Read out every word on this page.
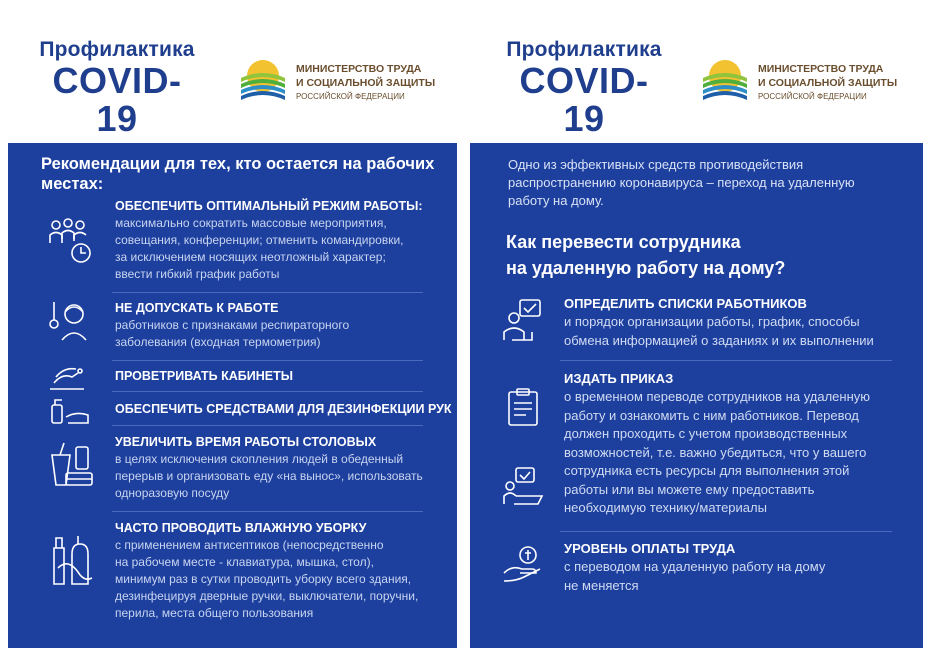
Профилактика
COVID-19
МИНИСТЕРСТВО ТРУДА
И СОЦИАЛЬНОЙ ЗАЩИТЫ
РОССИЙСКОЙ ФЕДЕРАЦИИ
Рекомендации для тех, кто остается на рабочих
местах:
ОБЕСПЕЧИТЬ ОПТИМАЛЬНЫЙ РЕЖИМ РАБОТЫ:
максимально сократить массовые мероприятия,
совещания, конференции; отменить командировки,
за исключением носящих неотложный характер;
ввести гибкий график работы
НЕ ДОПУСКАТЬ К РАБОТЕ
работников с признаками респираторного
заболевания (входная термометрия)
ПРОВЕТРИВАТЬ КАБИНЕТЫ
ОБЕСПЕЧИТЬ СРЕДСТВАМИ ДЛЯ ДЕЗИНФЕКЦИИ РУК
УВЕЛИЧИТЬ ВРЕМЯ РАБОТЫ СТОЛОВЫХ
в целях исключения скопления людей в обеденный
перерыв и организовать еду «на вынос», использовать
одноразовую посуду
ЧАСТО ПРОВОДИТЬ ВЛАЖНУЮ УБОРКУ
с применением антисептиков (непосредственно
на рабочем месте - клавиатура, мышка, стол),
минимум раз в сутки проводить уборку всего здания,
дезинфецируя дверные ручки, выключатели, поручни,
перила, места общего пользования
Профилактика
COVID-19
МИНИСТЕРСТВО ТРУДА
И СОЦИАЛЬНОЙ ЗАЩИТЫ
РОССИЙСКОЙ ФЕДЕРАЦИИ
Одно из эффективных средств противодействия
распространению коронавируса – переход на удаленную
работу на дому.
Как перевести сотрудника
на удаленную работу на дому?
ОПРЕДЕЛИТЬ СПИСКИ РАБОТНИКОВ
и порядок организации работы, график, способы
обмена информацией о заданиях и их выполнении
ИЗДАТЬ ПРИКАЗ
о временном переводе сотрудников на удаленную
работу и ознакомить с ним работников. Перевод
должен проходить с учетом производственных
возможностей, т.е. важно убедиться, что у вашего
сотрудника есть ресурсы для выполнения этой
работы или вы можете ему предоставить
необходимую технику/материалы
УРОВЕНЬ ОПЛАТЫ ТРУДА
с переводом на удаленную работу на дому
не меняется
